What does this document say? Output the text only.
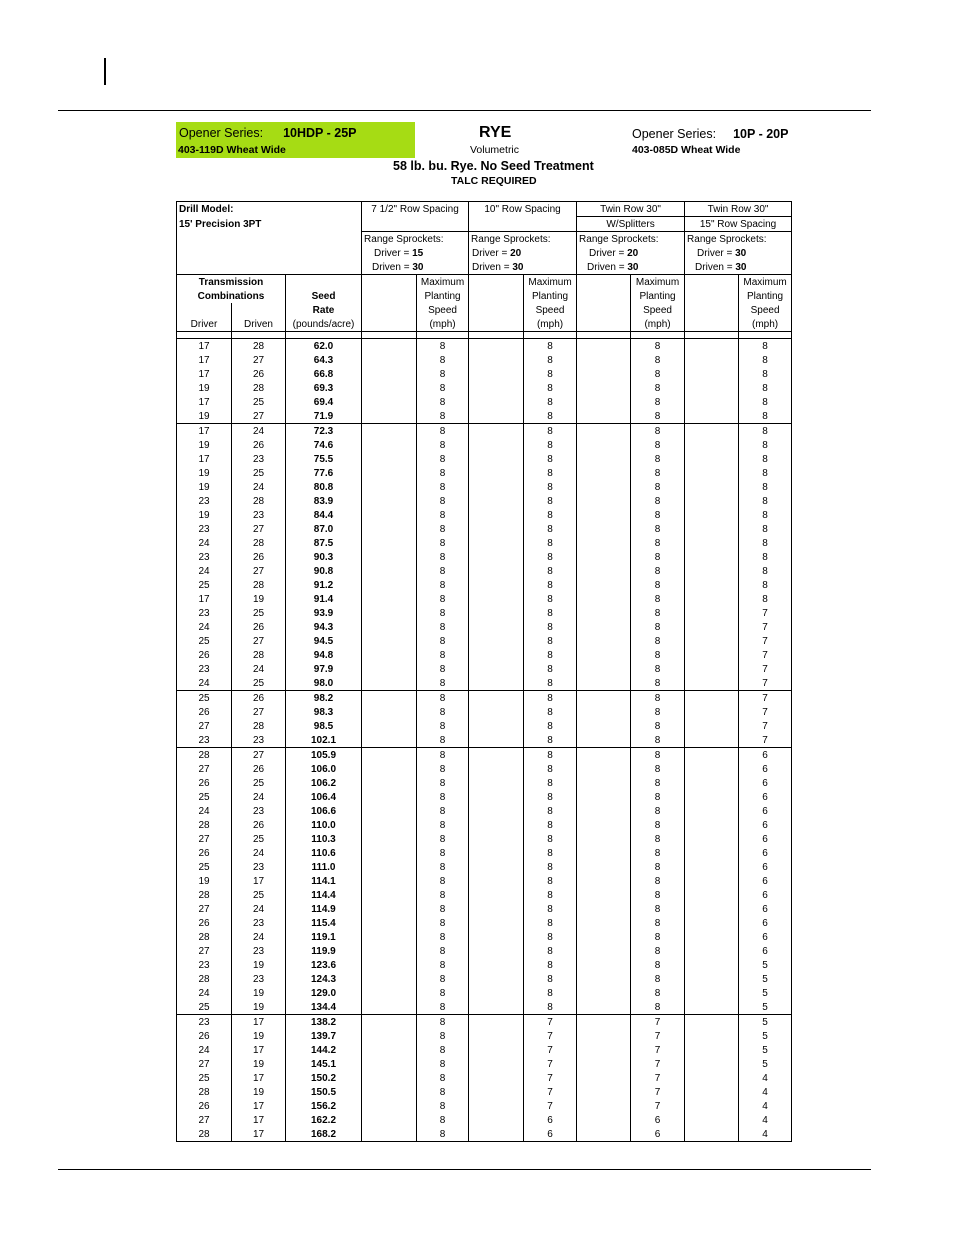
Opener Series: 10HDP - 25P
403-119D Wheat Wide
RYE
Volumetric
Opener Series: 10P - 20P
403-085D Wheat Wide
58 lb. bu. Rye. No Seed Treatment
TALC REQUIRED
Drill Model:			7 1/2" Row Spacing		10" Row Spacing		Twin Row 30"		Twin Row 30"	
15' Precision 3PT							W/Splitters		15" Row Spacing	
			Range Sprockets:		Range Sprockets:		Range Sprockets:		Range Sprockets:	
			Driver = 15		Driver = 20		Driver = 20		Driver = 30	
			Driven = 30		Driven = 30		Driven = 30		Driven = 30	
Transmission				Maximum		Maximum		Maximum		Maximum
Combinations		Seed		Planting		Planting		Planting		Planting
		Rate		Speed		Speed		Speed		Speed
Driver	Driven	(pounds/acre)		(mph)		(mph)		(mph)		(mph)

17	28	62.0		8		8		8		8
17	27	64.3		8		8		8		8
17	26	66.8		8		8		8		8
19	28	69.3		8		8		8		8
17	25	69.4		8		8		8		8
19	27	71.9		8		8		8		8
17	24	72.3		8		8		8		8
19	26	74.6		8		8		8		8
17	23	75.5		8		8		8		8
19	25	77.6		8		8		8		8
19	24	80.8		8		8		8		8
23	28	83.9		8		8		8		8
19	23	84.4		8		8		8		8
23	27	87.0		8		8		8		8
24	28	87.5		8		8		8		8
23	26	90.3		8		8		8		8
24	27	90.8		8		8		8		8
25	28	91.2		8		8		8		8
17	19	91.4		8		8		8		8
23	25	93.9		8		8		8		7
24	26	94.3		8		8		8		7
25	27	94.5		8		8		8		7
26	28	94.8		8		8		8		7
23	24	97.9		8		8		8		7
24	25	98.0		8		8		8		7
25	26	98.2		8		8		8		7
26	27	98.3		8		8		8		7
27	28	98.5		8		8		8		7
23	23	102.1		8		8		8		7
28	27	105.9		8		8		8		6
27	26	106.0		8		8		8		6
26	25	106.2		8		8		8		6
25	24	106.4		8		8		8		6
24	23	106.6		8		8		8		6
28	26	110.0		8		8		8		6
27	25	110.3		8		8		8		6
26	24	110.6		8		8		8		6
25	23	111.0		8		8		8		6
19	17	114.1		8		8		8		6
28	25	114.4		8		8		8		6
27	24	114.9		8		8		8		6
26	23	115.4		8		8		8		6
28	24	119.1		8		8		8		6
27	23	119.9		8		8		8		6
23	19	123.6		8		8		8		5
28	23	124.3		8		8		8		5
24	19	129.0		8		8		8		5
25	19	134.4		8		8		8		5
23	17	138.2		8		7		7		5
26	19	139.7		8		7		7		5
24	17	144.2		8		7		7		5
27	19	145.1		8		7		7		5
25	17	150.2		8		7		7		4
28	19	150.5		8		7		7		4
26	17	156.2		8		7		7		4
27	17	162.2		8		6		6		4
28	17	168.2		8		6		6		4
